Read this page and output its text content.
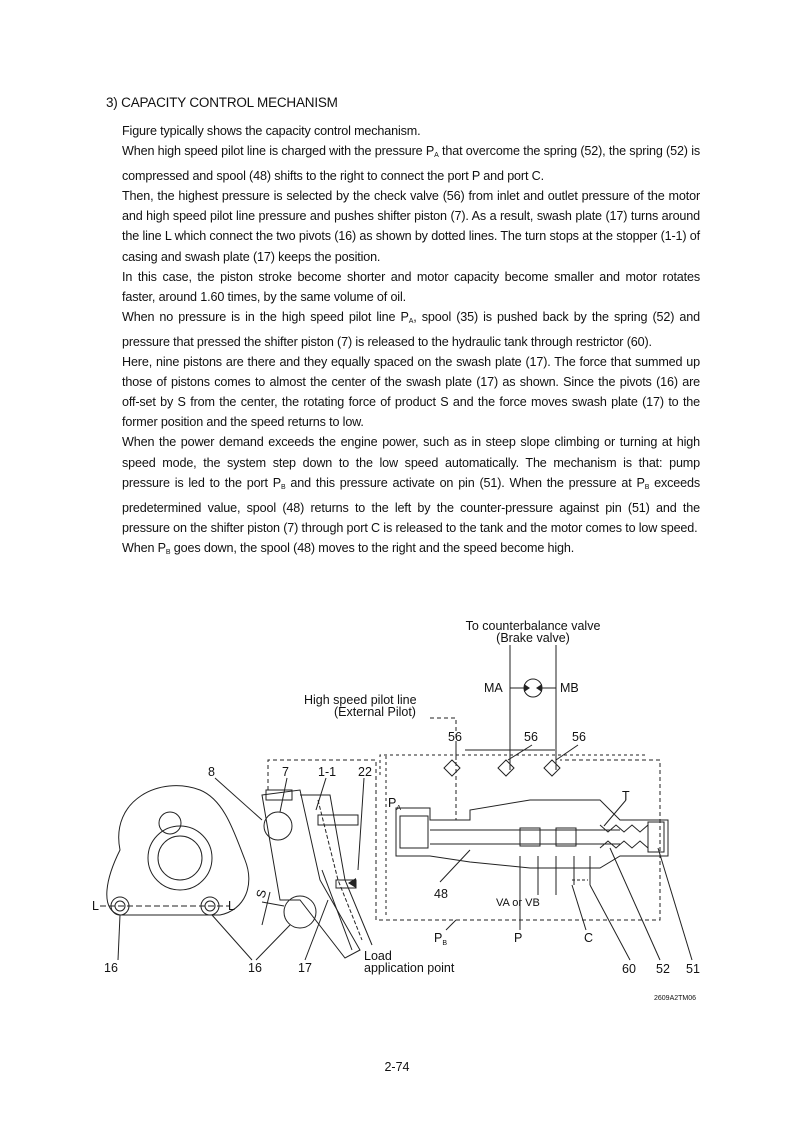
3) CAPACITY CONTROL MECHANISM

Figure typically shows the capacity control mechanism.

When high speed pilot line is charged with the pressure $P_A$ that overcome the spring (52), the spring (52) is compressed and spool (48) shifts to the right to connect the port P and port C.

Then, the highest pressure is selected by the check valve (56) from inlet and outlet pressure of the motor and high speed pilot line pressure and pushes shifter piston (7). As a result, swash plate (17) turns around the line L which connect the two pivots (16) as shown by dotted lines. The turn stops at the stopper (1-1) of casing and swash plate (17) keeps the position.

In this case, the piston stroke become shorter and motor capacity become smaller and motor rotates faster, around 1.60 times, by the same volume of oil.

When no pressure is in the high speed pilot line $P_A$, spool (35) is pushed back by the spring (52) and pressure that pressed the shifter piston (7) is released to the hydraulic tank through restrictor (60).

Here, nine pistons are there and they equally spaced on the swash plate (17). The force that summed up those of pistons comes to almost the center of the swash plate (17) as shown. Since the pivots (16) are off-set by S from the center, the rotating force of product S and the force moves swash plate (17) to the former position and the speed returns to low.

When the power demand exceeds the engine power, such as in steep slope climbing or turning at high speed mode, the system step down to the low speed automatically. The mechanism is that: pump pressure is led to the port $P_B$ and this pressure activate on pin (51). When the pressure at $P_B$ exceeds predetermined value, spool (48) returns to the left by the counter-pressure against pin (51) and the pressure on the shifter piston (7) through port C is released to the tank and the motor comes to low speed.

When $P_B$ goes down, the spool (48) moves to the right and the speed become high.

To counterbalance valve
(Brake valve)
MA	MB
High speed pilot line
(External Pilot)
56	56	56
$P_A$
T
48
VA or VB
$P_B$	P	C
60 52 51
8	7 1-1 22
L	L
S
16	16	17
Load
application point
2609A2TM06
2-74
